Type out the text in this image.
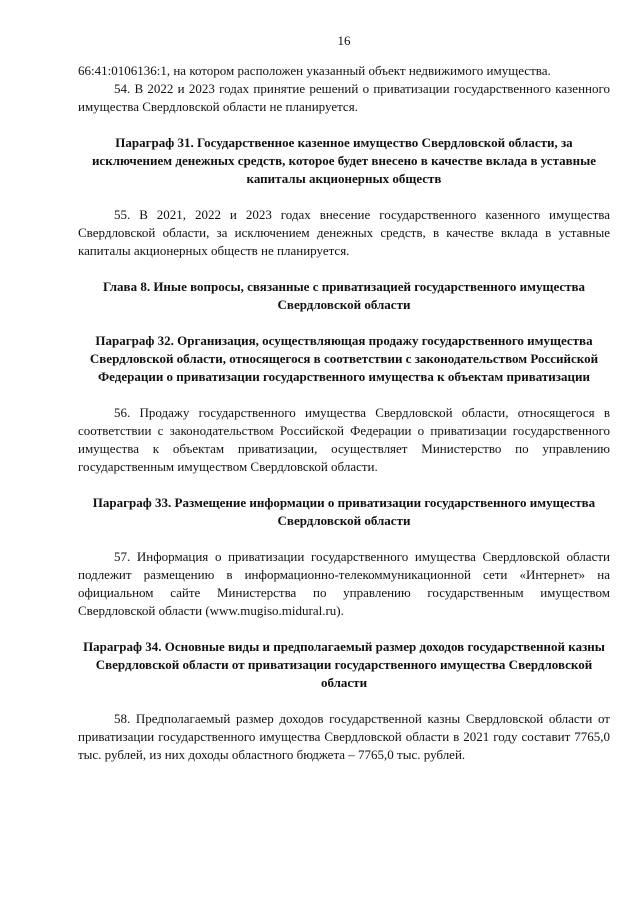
16

66:41:0106136:1, на котором расположен указанный объект недвижимого имущества.

54. В 2022 и 2023 годах принятие решений о приватизации государственного казенного имущества Свердловской области не планируется.

Параграф 31. Государственное казенное имущество Свердловской области, за исключением денежных средств, которое будет внесено в качестве вклада в уставные капиталы акционерных обществ

55. В 2021, 2022 и 2023 годах внесение государственного казенного имущества Свердловской области, за исключением денежных средств, в качестве вклада в уставные капиталы акционерных обществ не планируется.

Глава 8. Иные вопросы, связанные с приватизацией государственного имущества Свердловской области

Параграф 32. Организация, осуществляющая продажу государственного имущества Свердловской области, относящегося в соответствии с законодательством Российской Федерации о приватизации государственного имущества к объектам приватизации

56. Продажу государственного имущества Свердловской области, относящегося в соответствии с законодательством Российской Федерации о приватизации государственного имущества к объектам приватизации, осуществляет Министерство по управлению государственным имуществом Свердловской области.

Параграф 33. Размещение информации о приватизации государственного имущества Свердловской области

57. Информация о приватизации государственного имущества Свердловской области подлежит размещению в информационно-телекоммуникационной сети «Интернет» на официальном сайте Министерства по управлению государственным имуществом Свердловской области (www.mugiso.midural.ru).

Параграф 34. Основные виды и предполагаемый размер доходов государственной казны Свердловской области от приватизации государственного имущества Свердловской области

58. Предполагаемый размер доходов государственной казны Свердловской области от приватизации государственного имущества Свердловской области в 2021 году составит 7765,0 тыс. рублей, из них доходы областного бюджета – 7765,0 тыс. рублей.
